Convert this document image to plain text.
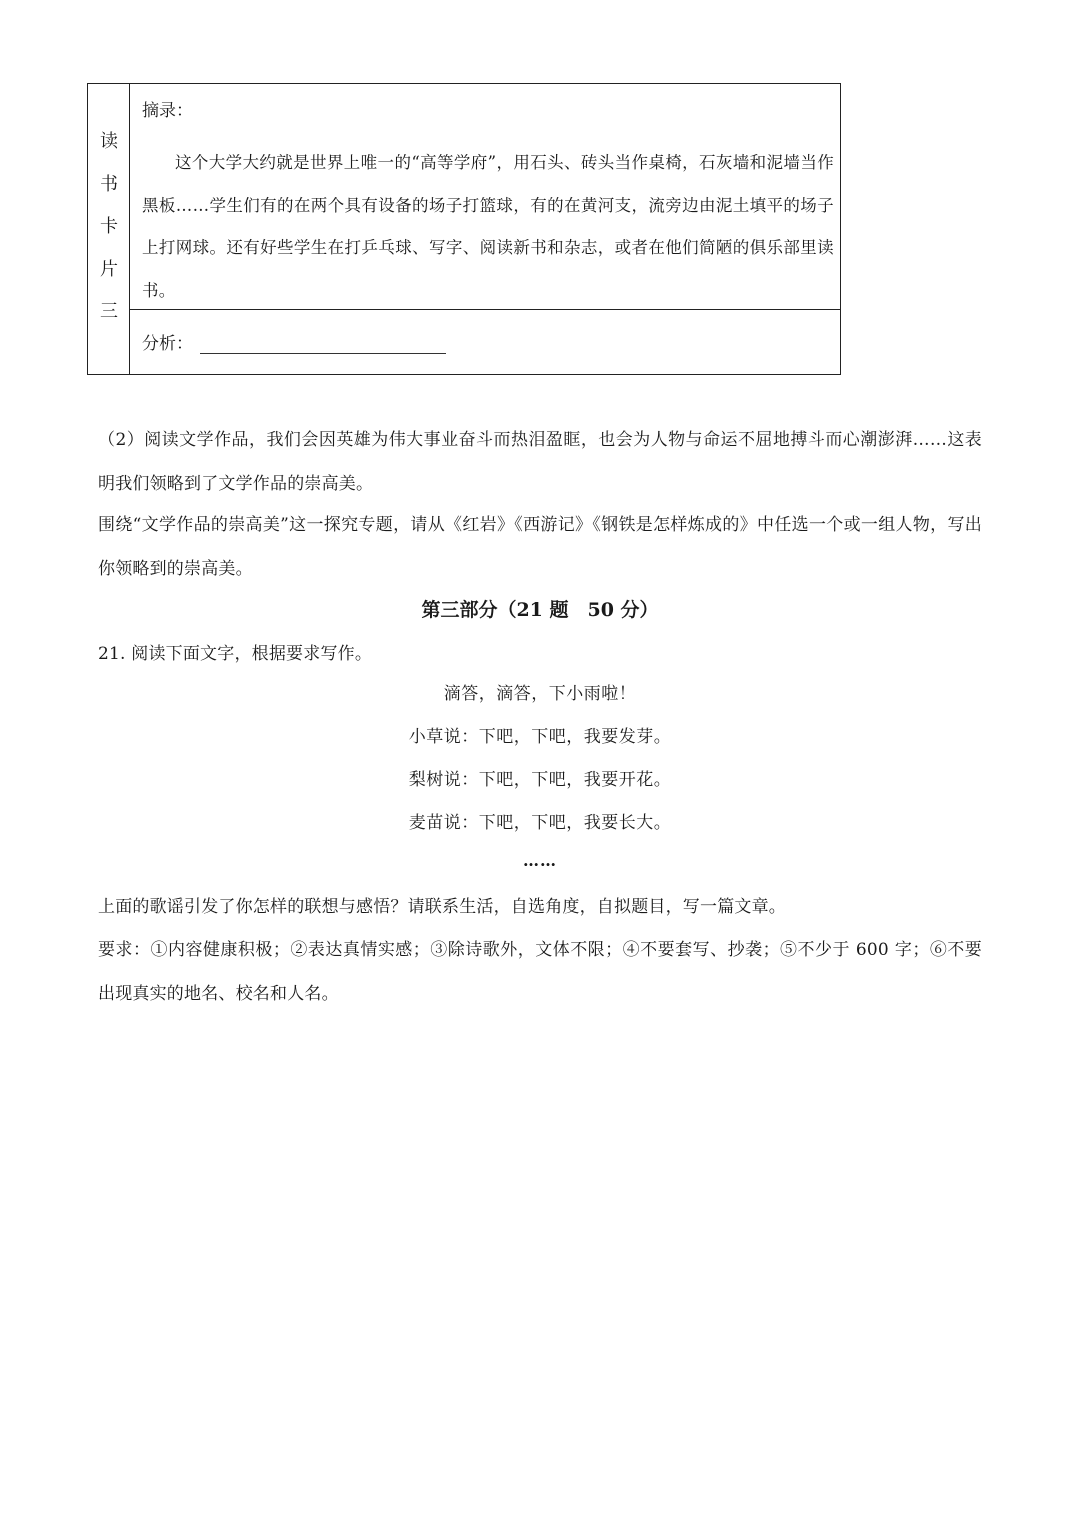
读
书
卡
片
三
摘录：
这个大学大约就是世界上唯一的“高等学府”，用石头、砖头当作桌椅，石灰墙和泥墙当作黑板……学生们有的在两个具有设备的场子打篮球，有的在黄河支，流旁边由泥土填平的场子上打网球。还有好些学生在打乒乓球、写字、阅读新书和杂志，或者在他们简陋的俱乐部里读书。
分析：
（2）阅读文学作品，我们会因英雄为伟大事业奋斗而热泪盈眶，也会为人物与命运不屈地搏斗而心潮澎湃……这表明我们领略到了文学作品的崇高美。
围绕“文学作品的崇高美”这一探究专题，请从《红岩》《西游记》《钢铁是怎样炼成的》中任选一个或一组人物，写出你领略到的崇高美。
第三部分（21 题　50 分）
21. 阅读下面文字，根据要求写作。
滴答，滴答，下小雨啦！
小草说：下吧，下吧，我要发芽。
梨树说：下吧，下吧，我要开花。
麦苗说：下吧，下吧，我要长大。
……
上面的歌谣引发了你怎样的联想与感悟？请联系生活，自选角度，自拟题目，写一篇文章。
要求：①内容健康积极；②表达真情实感；③除诗歌外，文体不限；④不要套写、抄袭；⑤不少于 600 字；⑥不要出现真实的地名、校名和人名。
